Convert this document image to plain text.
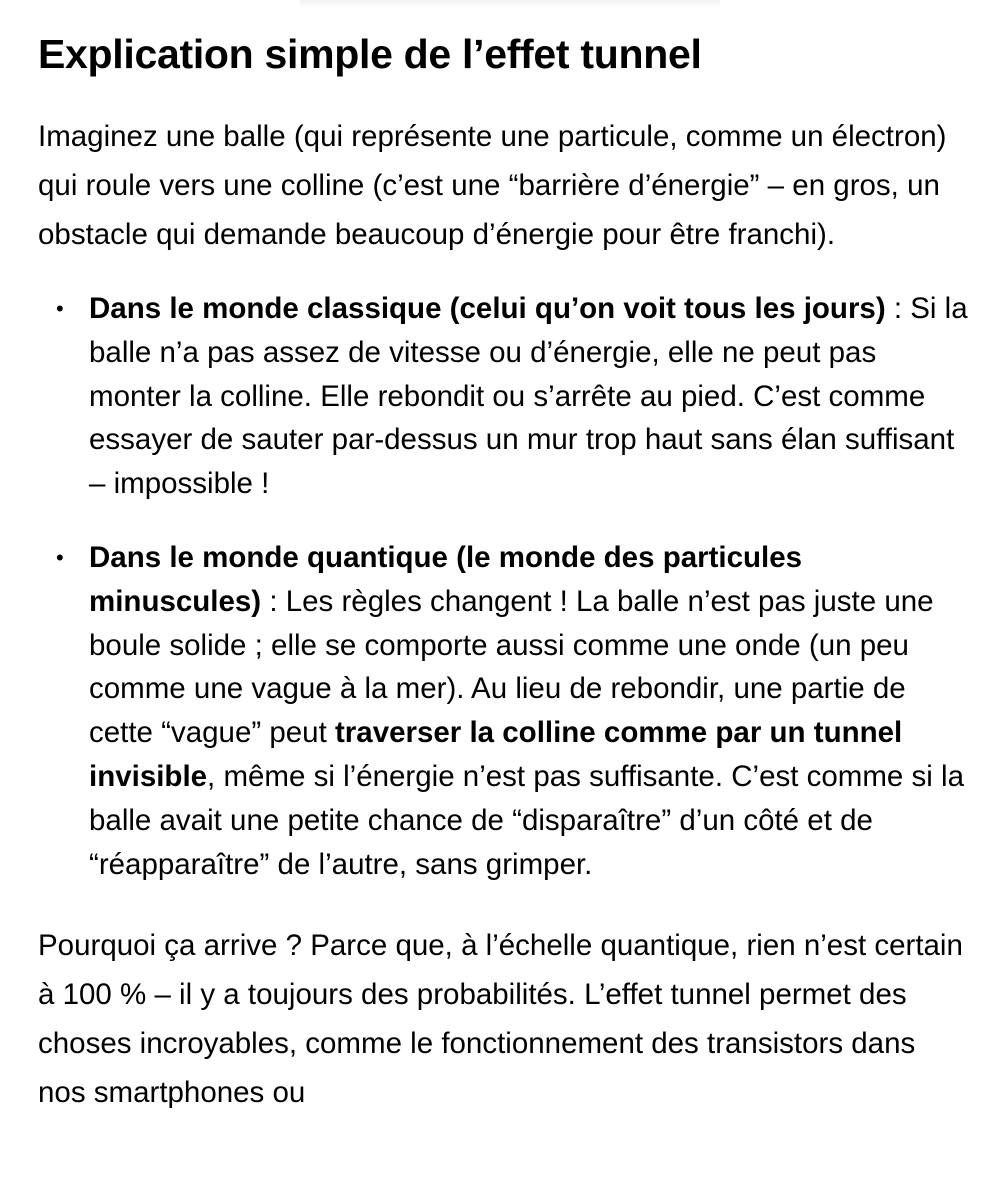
Explication simple de l’effet tunnel

Imaginez une balle (qui représente une particule, comme un électron) qui roule vers une colline (c’est une “barrière d’énergie” – en gros, un obstacle qui demande beaucoup d’énergie pour être franchi).

• Dans le monde classique (celui qu’on voit tous les jours) : Si la balle n’a pas assez de vitesse ou d’énergie, elle ne peut pas monter la colline. Elle rebondit ou s’arrête au pied. C’est comme essayer de sauter par-dessus un mur trop haut sans élan suffisant – impossible !
• Dans le monde quantique (le monde des particules minuscules) : Les règles changent ! La balle n’est pas juste une boule solide ; elle se comporte aussi comme une onde (un peu comme une vague à la mer). Au lieu de rebondir, une partie de cette “vague” peut traverser la colline comme par un tunnel invisible, même si l’énergie n’est pas suffisante. C’est comme si la balle avait une petite chance de “disparaître” d’un côté et de “réapparaître” de l’autre, sans grimper.

Pourquoi ça arrive ? Parce que, à l’échelle quantique, rien n’est certain à 100 % – il y a toujours des probabilités. L’effet tunnel permet des choses incroyables, comme le fonctionnement des transistors dans nos smartphones ou
